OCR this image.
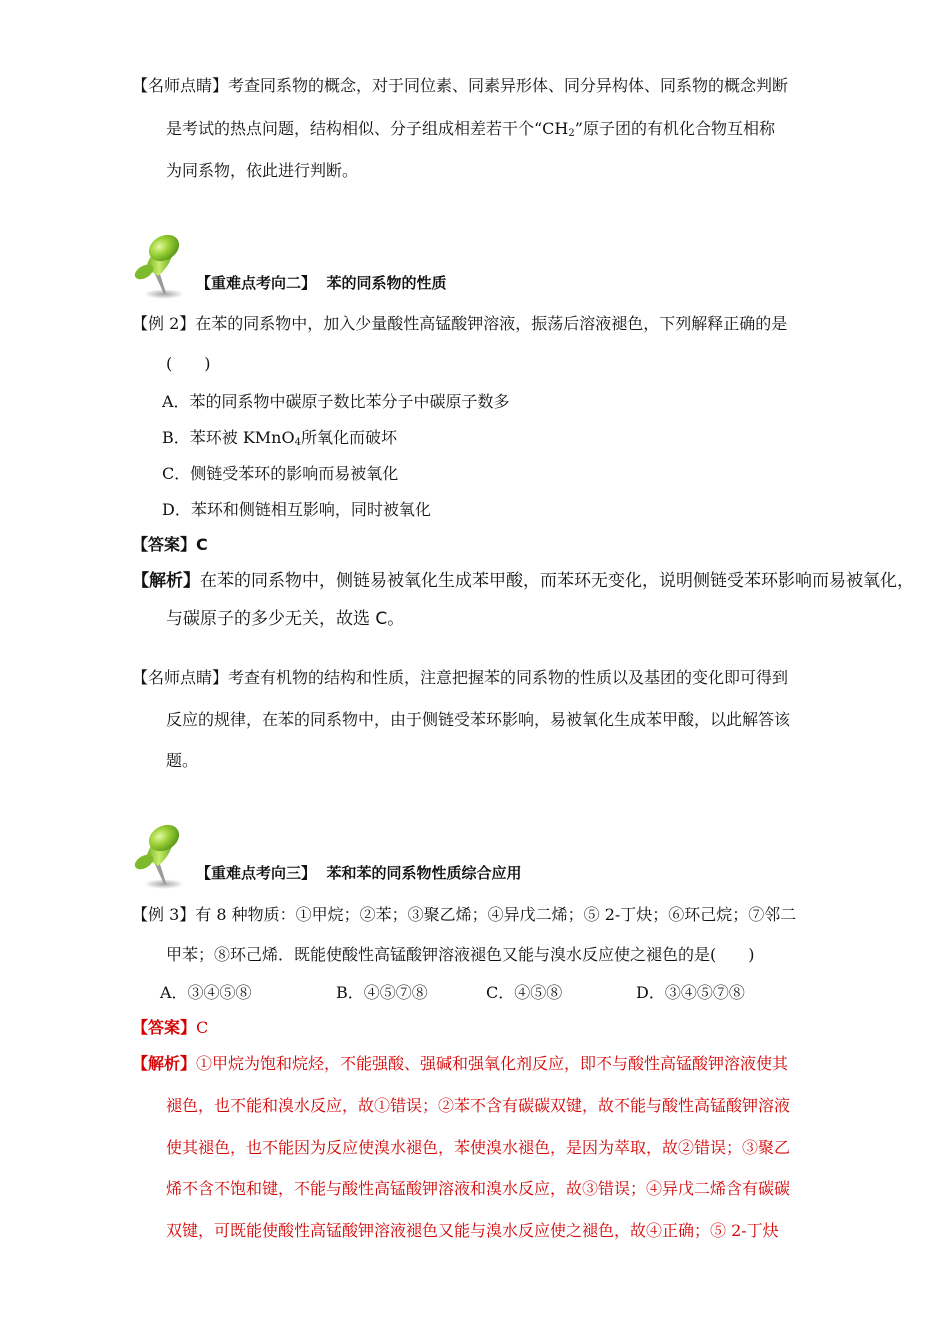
【名师点睛】考查同系物的概念，对于同位素、同素异形体、同分异构体、同系物的概念判断
是考试的热点问题，结构相似、分子组成相差若干个“$CH_2$”原子团的有机化合物互相称
为同系物，依此进行判断。
【重难点考向二】 苯的同系物的性质
【例 2】在苯的同系物中，加入少量酸性高锰酸钾溶液，振荡后溶液褪色，下列解释正确的是
(　　)
A．苯的同系物中碳原子数比苯分子中碳原子数多
B．苯环被 KMnO$_4$所氧化而破坏
C．侧链受苯环的影响而易被氧化
D．苯环和侧链相互影响，同时被氧化
【答案】C
【解析】在苯的同系物中，侧链易被氧化生成苯甲酸，而苯环无变化，说明侧链受苯环影响而易被氧化，
与碳原子的多少无关，故选 C。
【名师点睛】考查有机物的结构和性质，注意把握苯的同系物的性质以及基团的变化即可得到
反应的规律，在苯的同系物中，由于侧链受苯环影响，易被氧化生成苯甲酸，以此解答该
题。
【重难点考向三】 苯和苯的同系物性质综合应用
【例 3】有 8 种物质：①甲烷；②苯；③聚乙烯；④异戊二烯；⑤ 2-丁炔；⑥环己烷；⑦邻二
甲苯；⑧环己烯．既能使酸性高锰酸钾溶液褪色又能与溴水反应使之褪色的是(　　)
A．③④⑤⑧	B．④⑤⑦⑧	C．④⑤⑧	D．③④⑤⑦⑧
【答案】C
【解析】①甲烷为饱和烷烃，不能强酸、强碱和强氧化剂反应，即不与酸性高锰酸钾溶液使其
褪色，也不能和溴水反应，故①错误；②苯不含有碳碳双键，故不能与酸性高锰酸钾溶液
使其褪色，也不能因为反应使溴水褪色，苯使溴水褪色，是因为萃取，故②错误；③聚乙
烯不含不饱和键，不能与酸性高锰酸钾溶液和溴水反应，故③错误；④异戊二烯含有碳碳
双键，可既能使酸性高锰酸钾溶液褪色又能与溴水反应使之褪色，故④正确；⑤ 2-丁炔
